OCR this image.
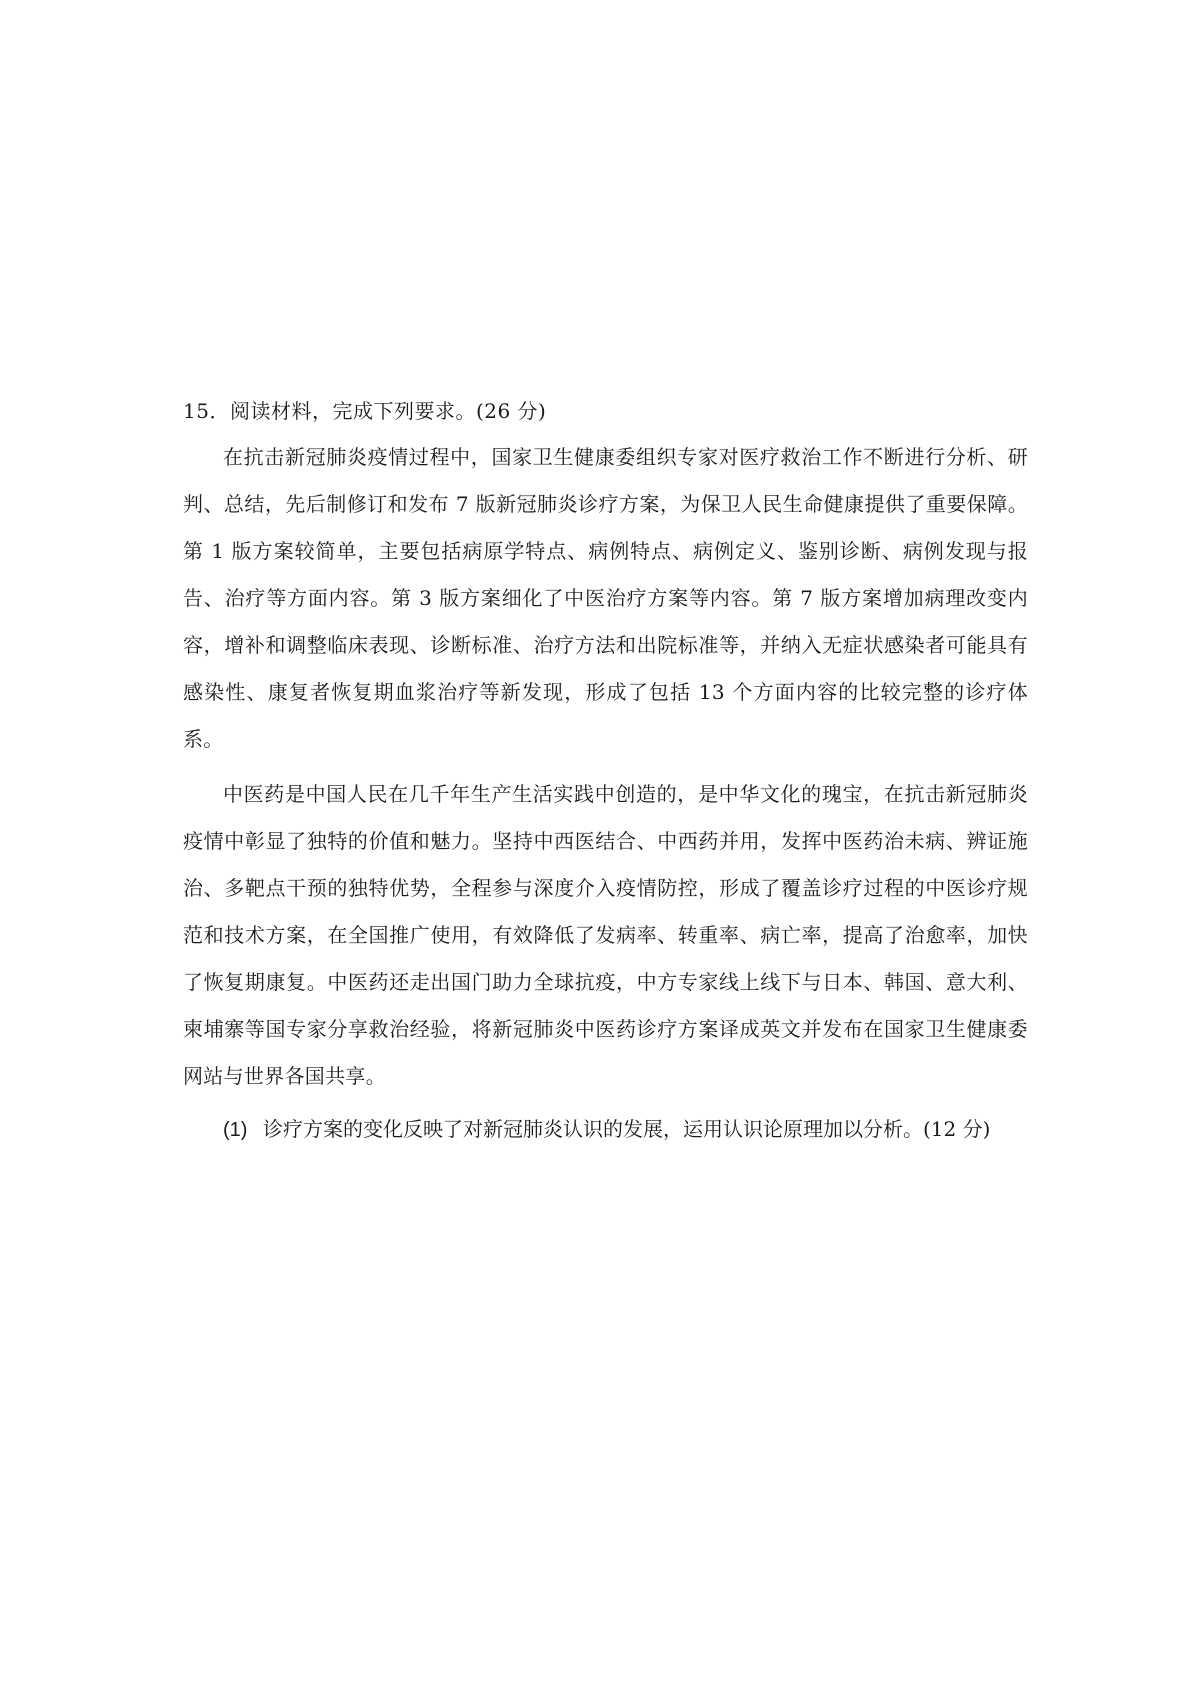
15．阅读材料，完成下列要求。(26 分)

在抗击新冠肺炎疫情过程中，国家卫生健康委组织专家对医疗救治工作不断进行分析、研判、总结，先后制修订和发布 7 版新冠肺炎诊疗方案，为保卫人民生命健康提供了重要保障。第 1 版方案较简单，主要包括病原学特点、病例特点、病例定义、鉴别诊断、病例发现与报告、治疗等方面内容。第 3 版方案细化了中医治疗方案等内容。第 7 版方案增加病理改变内容，增补和调整临床表现、诊断标准、治疗方法和出院标准等，并纳入无症状感染者可能具有感染性、康复者恢复期血浆治疗等新发现，形成了包括 13 个方面内容的比较完整的诊疗体系。

中医药是中国人民在几千年生产生活实践中创造的，是中华文化的瑰宝，在抗击新冠肺炎疫情中彰显了独特的价值和魅力。坚持中西医结合、中西药并用，发挥中医药治未病、辨证施治、多靶点干预的独特优势，全程参与深度介入疫情防控，形成了覆盖诊疗过程的中医诊疗规范和技术方案，在全国推广使用，有效降低了发病率、转重率、病亡率，提高了治愈率，加快了恢复期康复。中医药还走出国门助力全球抗疫，中方专家线上线下与日本、韩国、意大利、柬埔寨等国专家分享救治经验，将新冠肺炎中医药诊疗方案译成英文并发布在国家卫生健康委网站与世界各国共享。

(1) 诊疗方案的变化反映了对新冠肺炎认识的发展，运用认识论原理加以分析。(12 分)
